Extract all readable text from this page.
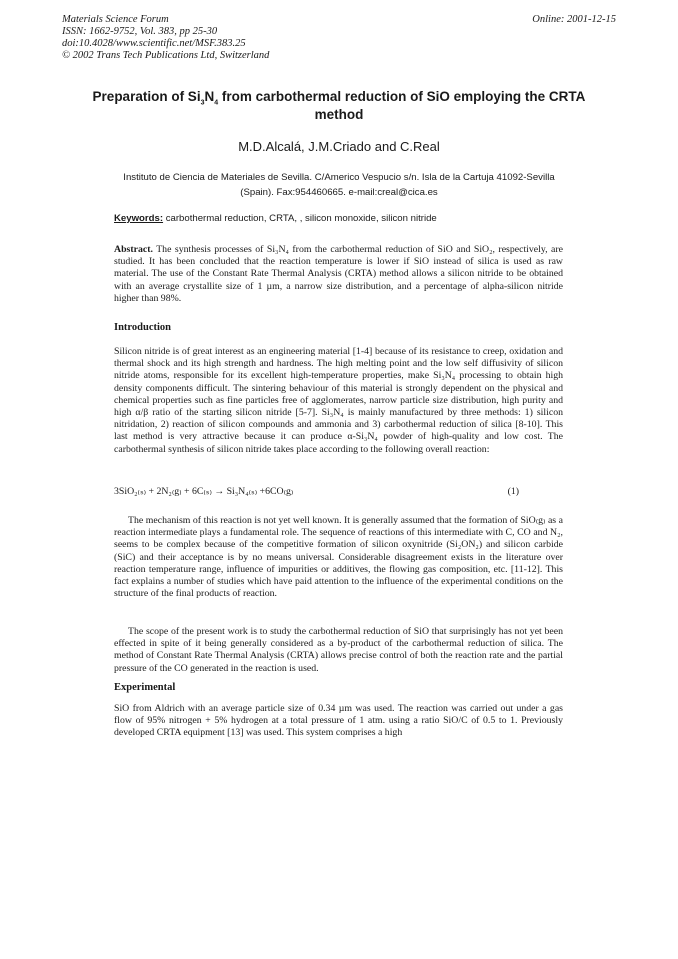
Materials Science Forum
ISSN: 1662-9752, Vol. 383, pp 25-30
doi:10.4028/www.scientific.net/MSF.383.25
© 2002 Trans Tech Publications Ltd, Switzerland
Online: 2001-12-15
Preparation of $Si_3N_4$ from carbothermal reduction of SiO employing the CRTA method
M.D.Alcalá, J.M.Criado and C.Real
Instituto de Ciencia de Materiales de Sevilla. C/Americo Vespucio s/n. Isla de la Cartuja 41092-Sevilla (Spain). Fax:954460665. e-mail:creal@cica.es
Keywords: carbothermal reduction, CRTA, , silicon monoxide, silicon nitride
Abstract. The synthesis processes of Si₃N₄ from the carbothermal reduction of SiO and SiO₂, respectively, are studied. It has been concluded that the reaction temperature is lower if SiO instead of silica is used as raw material. The use of the Constant Rate Thermal Analysis (CRTA) method allows a silicon nitride to be obtained with an average crystallite size of 1 µm, a narrow size distribution, and a percentage of alpha-silicon nitride higher than 98%.
Introduction
Silicon nitride is of great interest as an engineering material [1-4] because of its resistance to creep, oxidation and thermal shock and its high strength and hardness. The high melting point and the low self diffusivity of silicon nitride atoms, responsible for its excellent high-temperature properties, make Si₃N₄ processing to obtain high density components difficult. The sintering behaviour of this material is strongly dependent on the physical and chemical properties such as fine particles free of agglomerates, narrow particle size distribution, high purity and high α/β ratio of the starting silicon nitride [5-7]. Si₃N₄ is mainly manufactured by three methods: 1) silicon nitridation, 2) reaction of silicon compounds and ammonia and 3) carbothermal reduction of silica [8-10]. This last method is very attractive because it can produce α-Si₃N₄ powder of high-quality and low cost. The carbothermal synthesis of silicon nitride takes place according to the following overall reaction:
3SiO₂₍ₛ₎ + 2N₂₍g₎ + 6C₍ₛ₎ → Si₃N₄₍ₛ₎ +6CO₍g₎	(1)
The mechanism of this reaction is not yet well known. It is generally assumed that the formation of SiO₍g₎ as a reaction intermediate plays a fundamental role. The sequence of reactions of this intermediate with C, CO and N₂, seems to be complex because of the competitive formation of silicon oxynitride (Si₂ON₂) and silicon carbide (SiC) and their acceptance is by no means universal. Considerable disagreement exists in the literature over reaction temperature range, influence of impurities or additives, the flowing gas composition, etc. [11-12]. This fact explains a number of studies which have paid attention to the influence of the experimental conditions on the structure of the final products of reaction.
The scope of the present work is to study the carbothermal reduction of SiO that surprisingly has not yet been effected in spite of it being generally considered as a by-product of the carbothermal reduction of silica. The method of Constant Rate Thermal Analysis (CRTA) allows precise control of both the reaction rate and the partial pressure of the CO generated in the reaction is used.
Experimental
SiO from Aldrich with an average particle size of 0.34 µm was used. The reaction was carried out under a gas flow of 95% nitrogen + 5% hydrogen at a total pressure of 1 atm. using a ratio SiO/C of 0.5 to 1. Previously developed CRTA equipment [13] was used. This system comprises a high
